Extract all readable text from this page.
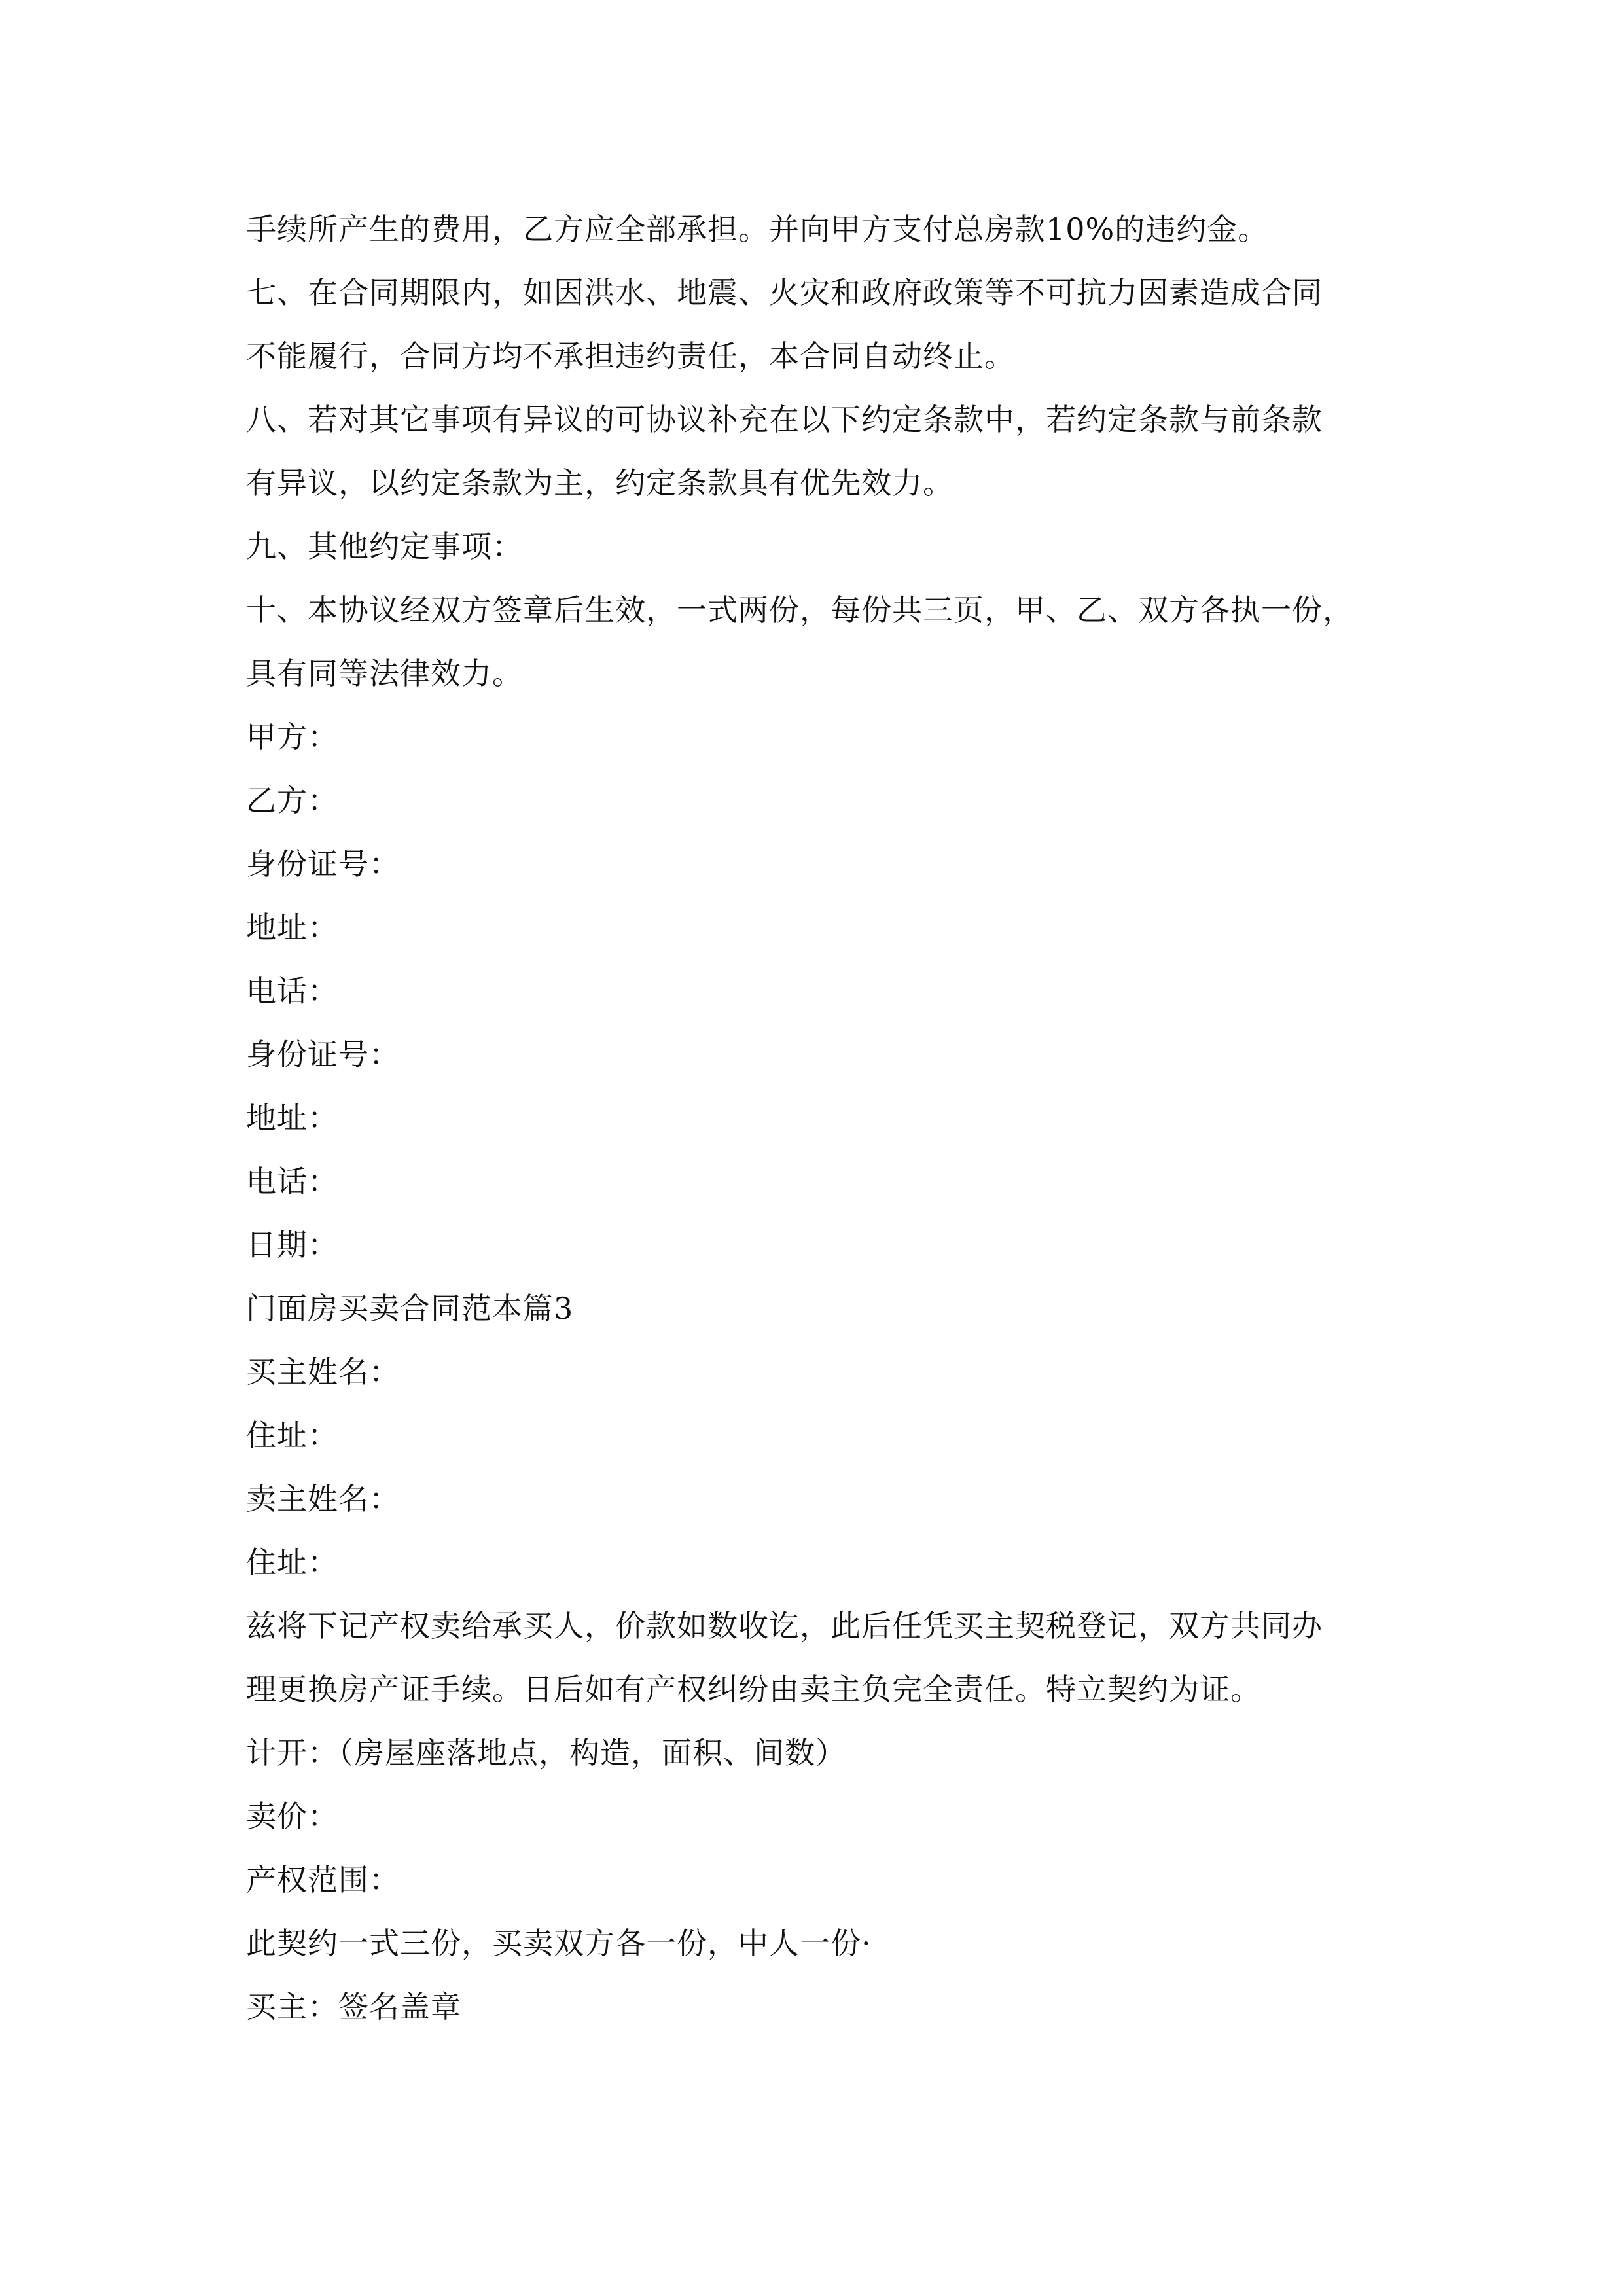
手续所产生的费用，乙方应全部承担。并向甲方支付总房款10%的违约金。

七、在合同期限内，如因洪水、地震、火灾和政府政策等不可抗力因素造成合同

不能履行，合同方均不承担违约责任，本合同自动终止。

八、若对其它事项有异议的可协议补充在以下约定条款中，若约定条款与前条款

有异议，以约定条款为主，约定条款具有优先效力。

九、其他约定事项：

十、本协议经双方签章后生效，一式两份，每份共三页，甲、乙、双方各执一份，

具有同等法律效力。

甲方：

乙方：

身份证号：

地址：

电话：

身份证号：

地址：

电话：

日期：

门面房买卖合同范本篇3

买主姓名：

住址：

卖主姓名：

住址：

兹将下记产权卖给承买人，价款如数收讫，此后任凭买主契税登记，双方共同办

理更换房产证手续。日后如有产权纠纷由卖主负完全责任。特立契约为证。

计开：（房屋座落地点，构造，面积、间数）

卖价：

产权范围：

此契约一式三份，买卖双方各一份，中人一份·

买主：签名盖章
